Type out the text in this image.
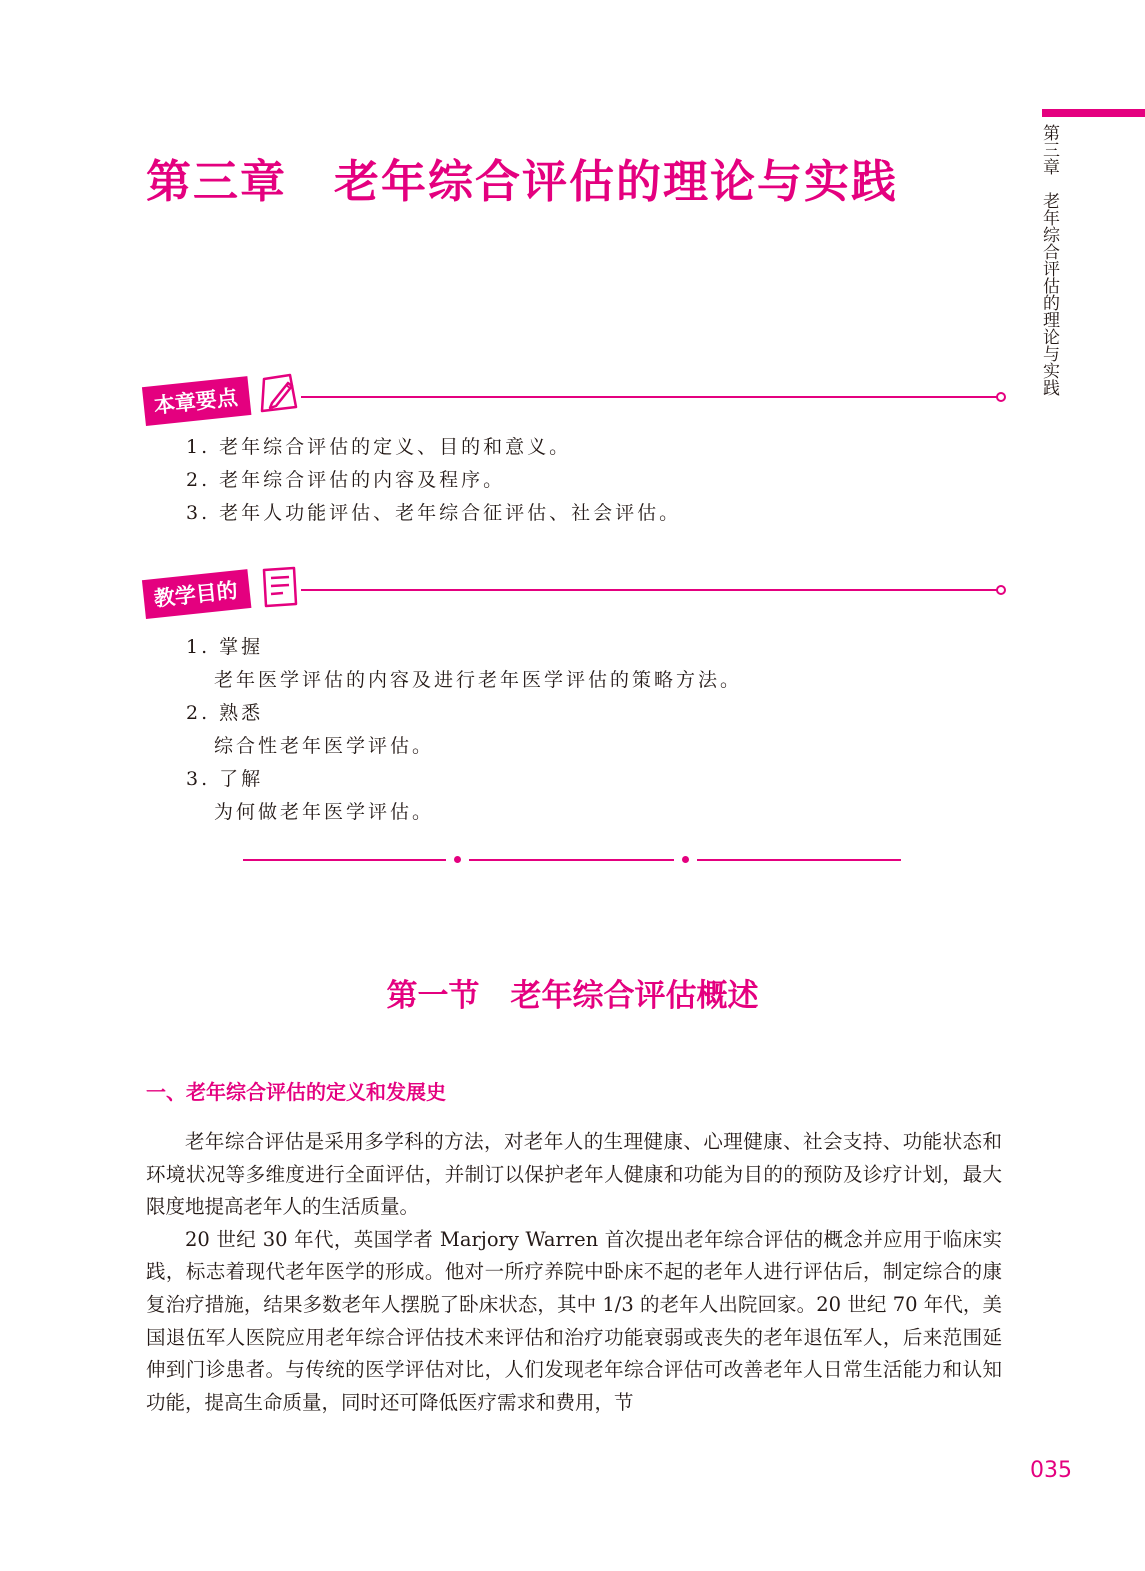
第三章　老年综合评估的理论与实践	第三章　老年综合评估的理论与实践
本章要点
1. 老年综合评估的定义、目的和意义。
2. 老年综合评估的内容及程序。
3. 老年人功能评估、老年综合征评估、社会评估。
教学目的
1. 掌握
老年医学评估的内容及进行老年医学评估的策略方法。
2. 熟悉
综合性老年医学评估。
3. 了解
为何做老年医学评估。
第一节　老年综合评估概述
一、老年综合评估的定义和发展史

老年综合评估是采用多学科的方法，对老年人的生理健康、心理健康、社会支持、功能状态和环境状况等多维度进行全面评估，并制订以保护老年人健康和功能为目的的预防及诊疗计划，最大限度地提高老年人的生活质量。

20 世纪 30 年代，英国学者 Marjory Warren 首次提出老年综合评估的概念并应用于临床实践，标志着现代老年医学的形成。他对一所疗养院中卧床不起的老年人进行评估后，制定综合的康复治疗措施，结果多数老年人摆脱了卧床状态，其中 1/3 的老年人出院回家。20 世纪 70 年代，美国退伍军人医院应用老年综合评估技术来评估和治疗功能衰弱或丧失的老年退伍军人，后来范围延伸到门诊患者。与传统的医学评估对比，人们发现老年综合评估可改善老年人日常生活能力和认知功能，提高生命质量，同时还可降低医疗需求和费用，节

035
